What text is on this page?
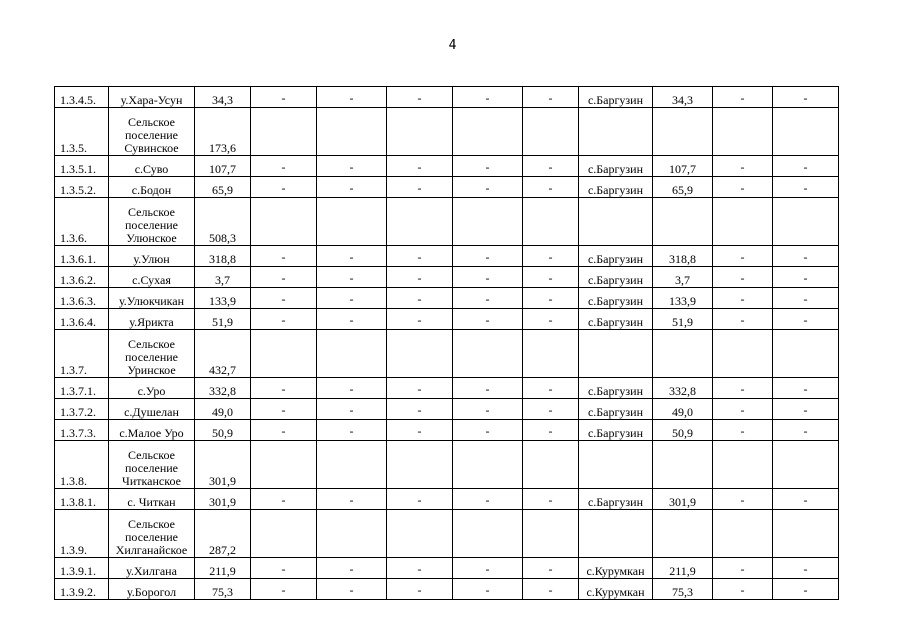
4
1.3.4.5.	у.Хара-Усун	34,3	-	-	-	-	-	с.Баргузин	34,3	-	-
1.3.5.	Сельское поселение Сувинское	173,6									
1.3.5.1.	с.Суво	107,7	-	-	-	-	-	с.Баргузин	107,7	-	-
1.3.5.2.	с.Бодон	65,9	-	-	-	-	-	с.Баргузин	65,9	-	-
1.3.6.	Сельское поселение Улюнское	508,3									
1.3.6.1.	у.Улюн	318,8	-	-	-	-	-	с.Баргузин	318,8	-	-
1.3.6.2.	с.Сухая	3,7	-	-	-	-	-	с.Баргузин	3,7	-	-
1.3.6.3.	у.Улюкчикан	133,9	-	-	-	-	-	с.Баргузин	133,9	-	-
1.3.6.4.	у.Яриктa	51,9	-	-	-	-	-	с.Баргузин	51,9	-	-
1.3.7.	Сельское поселение Уринское	432,7									
1.3.7.1.	с.Уро	332,8	-	-	-	-	-	с.Баргузин	332,8	-	-
1.3.7.2.	с.Душелан	49,0	-	-	-	-	-	с.Баргузин	49,0	-	-
1.3.7.3.	с.Малое Уро	50,9	-	-	-	-	-	с.Баргузин	50,9	-	-
1.3.8.	Сельское поселение Читканское	301,9									
1.3.8.1.	с. Читкан	301,9	-	-	-	-	-	с.Баргузин	301,9	-	-
1.3.9.	Сельское поселение Хилганайское	287,2									
1.3.9.1.	у.Хилгана	211,9	-	-	-	-	-	с.Курумкан	211,9	-	-
1.3.9.2.	у.Борогол	75,3	-	-	-	-	-	с.Курумкан	75,3	-	-
